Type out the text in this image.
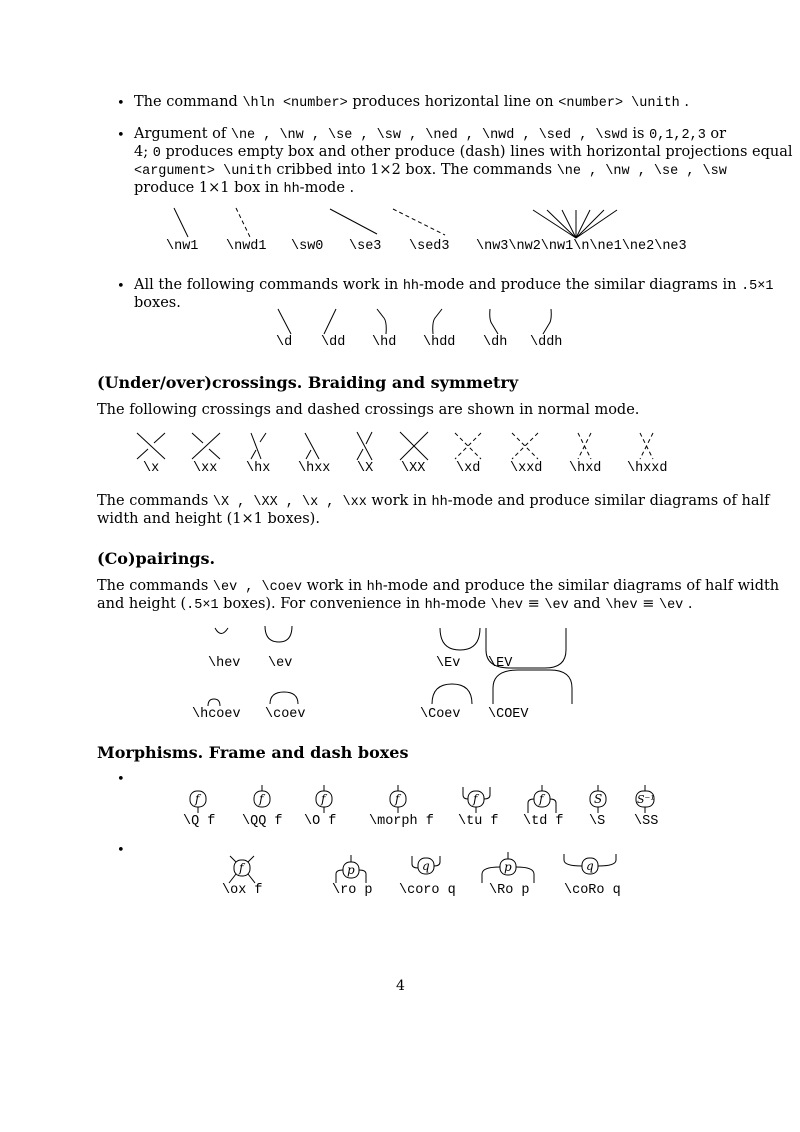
• The command \hln <number> produces horizontal line on <number> \unith .
• Argument of \ne , \nw , \se , \sw , \ned , \nwd , \sed , \swd is 0,1,2,3 or
4; 0 produces empty box and other produce (dash) lines with horizontal projections equal
<argument> \unith cribbed into 1×2 box. The commands \ne , \nw , \se , \sw
produce 1×1 box in hh-mode .
\nw1 \nwd1 \sw0 \se3 \sed3 \nw3\nw2\nw1\n\ne1\ne2\ne3
• All the following commands work in hh-mode and produce the similar diagrams in .5×1
boxes.
\d \dd \hd \hdd \dh \ddh
(Under/over)crossings. Braiding and symmetry
The following crossings and dashed crossings are shown in normal mode.
\x	\xx \hx \hxx \X \XX \xd \xxd \hxd \hxxd
The commands \X , \XX , \x , \xx work in hh-mode and produce similar diagrams of half
width and height (1×1 boxes).
(Co)pairings.
The commands \ev , \coev work in hh-mode and produce the similar diagrams of half width
and height (.5×1 boxes). For convenience in hh-mode \hev ≡ \ev and \hev ≡ \ev .
\hev \ev	\Ev \EV
\hcoev \coev	\Coev \COEV
Morphisms. Frame and dash boxes
•
f	f	f	f	f	f	S	S⁻¹
\Q f \QQ f \O f \morph f \tu f \td f \S \SS
•
f	p	q	p	q
\ox f	\ro p \coro q \Ro p	\coRo q
4
